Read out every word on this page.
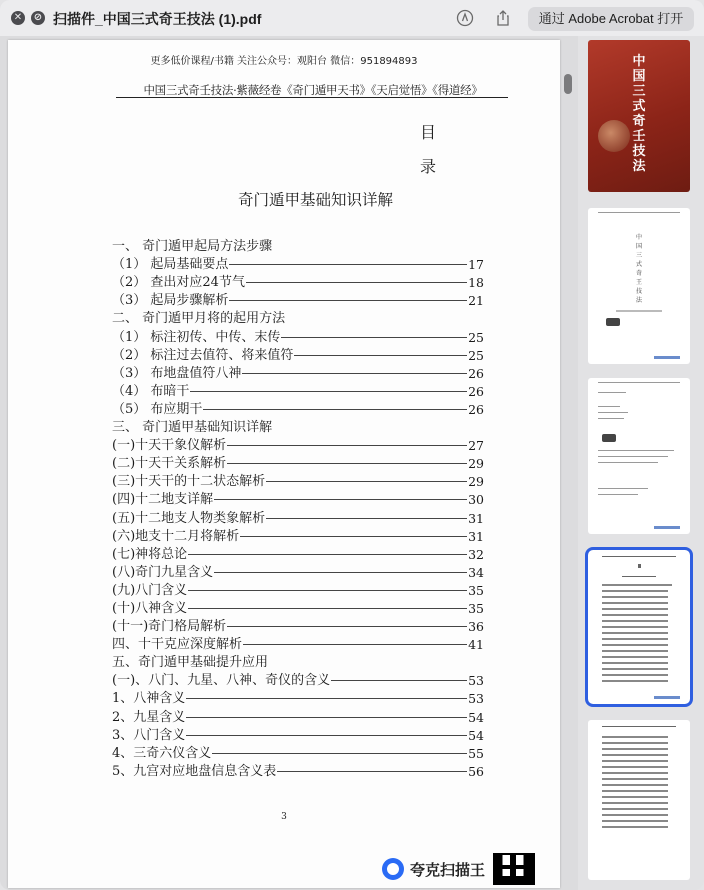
✕ ⊘ 扫描件_中国三式奇王技法 (1).pdf	通过 Adobe Acrobat 打开
更多低价课程/书籍 关注公众号：观阳台 微信：951894893
中国三式奇壬技法·紫薇经卷《奇门遁甲天书》《天启觉悟》《得道经》
目
录
奇门遁甲基础知识详解
一、 奇门遁甲起局方法步骤
（1） 起局基础要点	17
（2） 查出对应24节气	18
（3） 起局步骤解析	21
二、 奇门遁甲月将的起用方法
（1） 标注初传、中传、末传	25
（2） 标注过去值符、将来值符	25
（3） 布地盘值符八神	26
（4） 布暗干	26
（5） 布应期干	26
三、 奇门遁甲基础知识详解
(一)十天干象仪解析	27
(二)十天干关系解析	29
(三)十天干的十二状态解析	29
(四)十二地支详解	30
(五)十二地支人物类象解析	31
(六)地支十二月将解析	31
(七)神将总论	32
(八)奇门九星含义	34
(九)八门含义	35
(十)八神含义	35
(十一)奇门格局解析	36
四、十干克应深度解析	41
五、奇门遁甲基础提升应用
(一)、八门、九星、八神、奇仪的含义	53
1、八神含义	53
2、九星含义	54
3、八门含义	54
4、三奇六仪含义	55
5、九宫对应地盘信息含义表	56
3
夸克扫描王
中国三式奇壬技法
中国三式奇王技法
